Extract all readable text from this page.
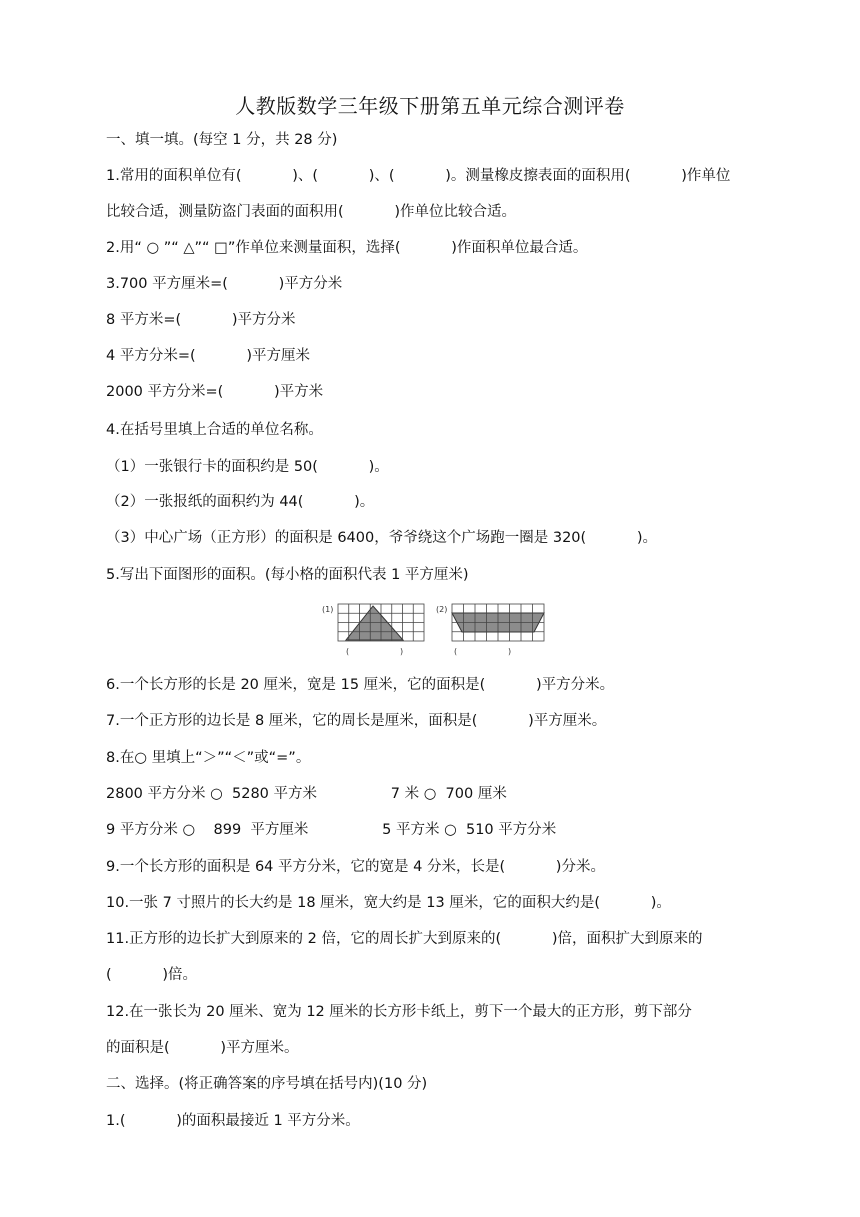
人教版数学三年级下册第五单元综合测评卷
一、填一填。(每空 1 分，共 28 分)
1.常用的面积单位有(           )、(           )、(           )。测量橡皮擦表面的面积用(           )作单位
比较合适，测量防盗门表面的面积用(           )作单位比较合适。
2.用“ ○ ”“ △”“ □”作单位来测量面积，选择(           )作面积单位最合适。
3.700 平方厘米=(           )平方分米
8 平方米=(           )平方分米
4 平方分米=(           )平方厘米
2000 平方分米=(           )平方米
4.在括号里填上合适的单位名称。
（1）一张银行卡的面积约是 50(           )。
（2）一张报纸的面积约为 44(           )。
（3）中心广场（正方形）的面积是 6400，爷爷绕这个广场跑一圈是 320(           )。
5.写出下面图形的面积。(每小格的面积代表 1 平方厘米)
(1)
(                    )
(2)
(                    )
6.一个长方形的长是 20 厘米，宽是 15 厘米，它的面积是(           )平方分米。
7.一个正方形的边长是 8 厘米，它的周长是厘米，面积是(           )平方厘米。
8.在○ 里填上“＞”“＜”或“=”。
2800 平方分米 ○  5280 平方米                7 米 ○  700 厘米
9 平方分米 ○    899  平方厘米                5 平方米 ○  510 平方分米
9.一个长方形的面积是 64 平方分米，它的宽是 4 分米，长是(           )分米。
10.一张 7 寸照片的长大约是 18 厘米，宽大约是 13 厘米，它的面积大约是(           )。
11.正方形的边长扩大到原来的 2 倍，它的周长扩大到原来的(           )倍，面积扩大到原来的
(           )倍。
12.在一张长为 20 厘米、宽为 12 厘米的长方形卡纸上，剪下一个最大的正方形，剪下部分
的面积是(           )平方厘米。
二、选择。(将正确答案的序号填在括号内)(10 分)
1.(           )的面积最接近 1 平方分米。
